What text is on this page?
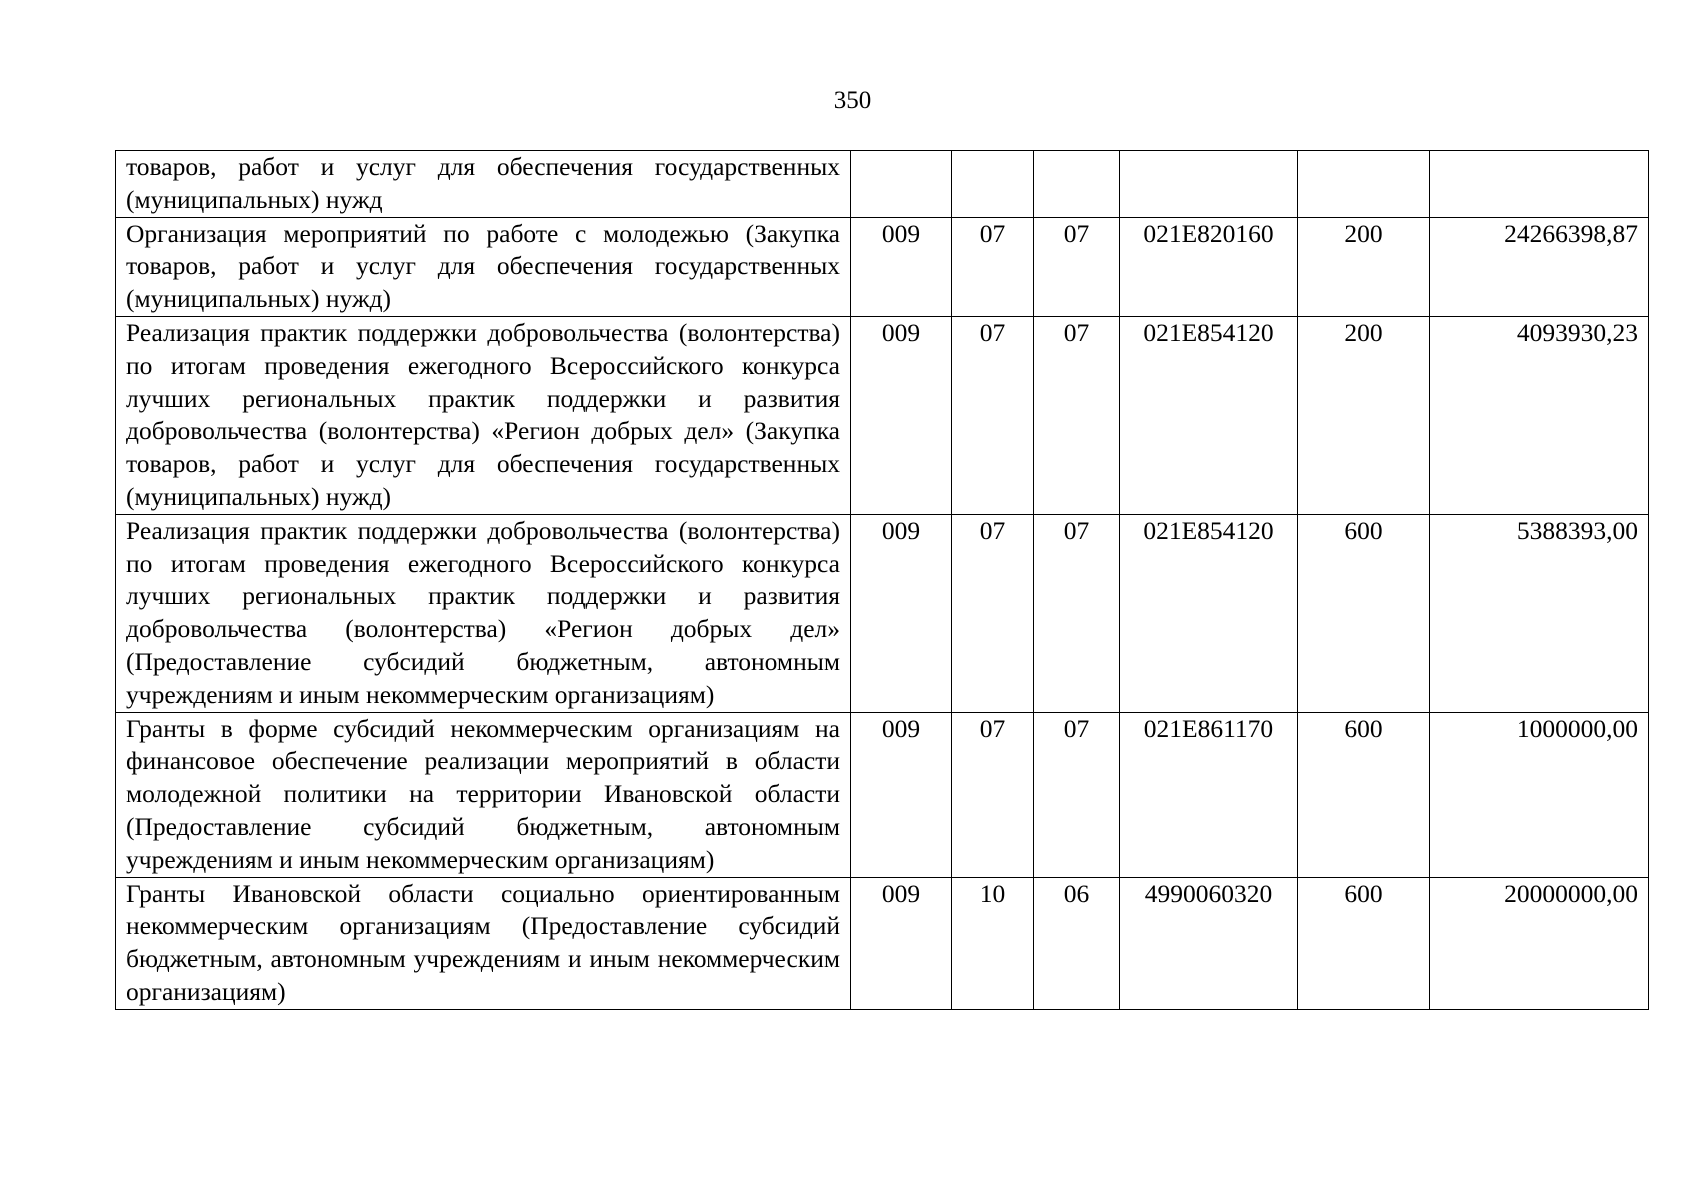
350
товаров, работ и услуг для обеспечения государственных (муниципальных) нужд						
Организация мероприятий по работе с молодежью (Закупка товаров, работ и услуг для обеспечения государственных (муниципальных) нужд)	009	07	07	021E820160	200	24266398,87
Реализация практик поддержки добровольчества (волонтерства) по итогам проведения ежегодного Всероссийского конкурса лучших региональных практик поддержки и развития добровольчества (волонтерства) «Регион добрых дел» (Закупка товаров, работ и услуг для обеспечения государственных (муниципальных) нужд)	009	07	07	021E854120	200	4093930,23
Реализация практик поддержки добровольчества (волонтерства) по итогам проведения ежегодного Всероссийского конкурса лучших региональных практик поддержки и развития добровольчества (волонтерства) «Регион добрых дел» (Предоставление субсидий бюджетным, автономным учреждениям и иным некоммерческим организациям)	009	07	07	021E854120	600	5388393,00
Гранты в форме субсидий некоммерческим организациям на финансовое обеспечение реализации мероприятий в области молодежной политики на территории Ивановской области (Предоставление субсидий бюджетным, автономным учреждениям и иным некоммерческим организациям)	009	07	07	021E861170	600	1000000,00
Гранты Ивановской области социально ориентированным некоммерческим организациям (Предоставление субсидий бюджетным, автономным учреждениям и иным некоммерческим организациям)	009	10	06	4990060320	600	20000000,00
